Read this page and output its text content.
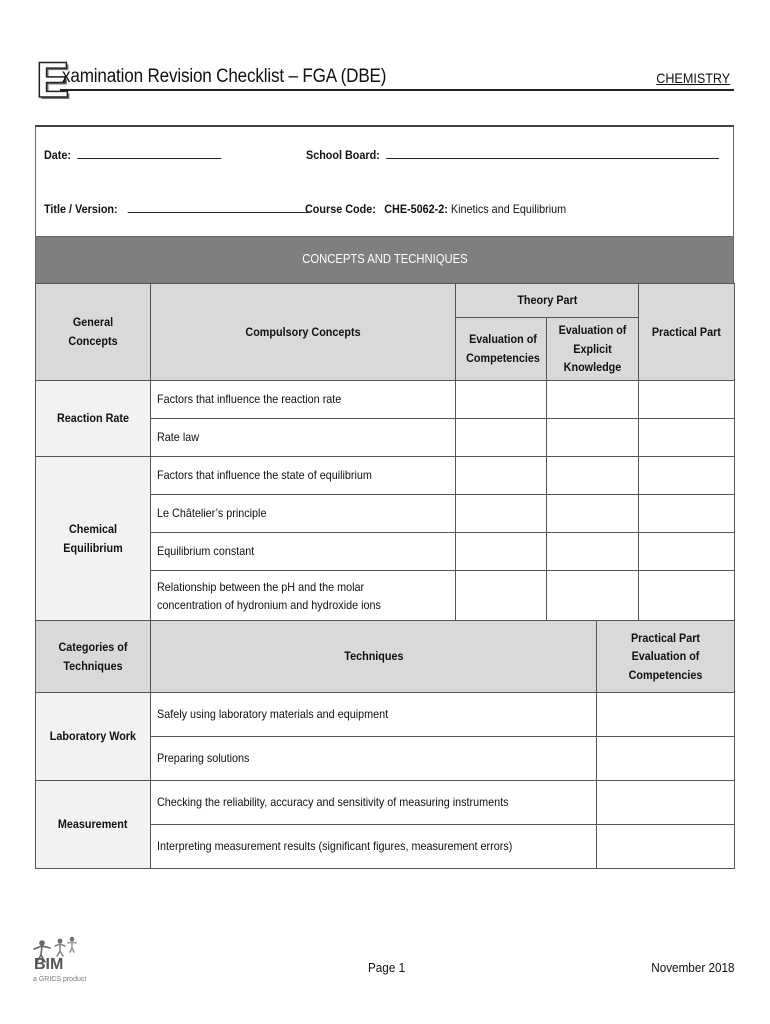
E
xamination Revision Checklist – FGA (DBE)	CHEMISTRY
Date:	School Board:
Title / Version:	Course Code: CHE-5062-2: Kinetics and Equilibrium
CONCEPTS AND TECHNIQUES
General Concepts	Compulsory Concepts	Theory Part			Practical Part
		Evaluation of Competencies	Evaluation of Explicit Knowledge		
Reaction Rate	Factors that influence the reaction rate				
	Rate law				
Chemical Equilibrium	Factors that influence the state of equilibrium				
	Le Châtelier’s principle				
	Equilibrium constant				
	Relationship between the pH and the molar concentration of hydronium and hydroxide ions				
Categories of Techniques	Techniques			Practical Part Evaluation of Competencies	
Laboratory Work	Safely using laboratory materials and equipment				
	Preparing solutions				
Measurement	Checking the reliability, accuracy and sensitivity of measuring instruments				
	Interpreting measurement results (significant figures, measurement errors)				
BIM
a GRICS product
Page 1	November 2018
